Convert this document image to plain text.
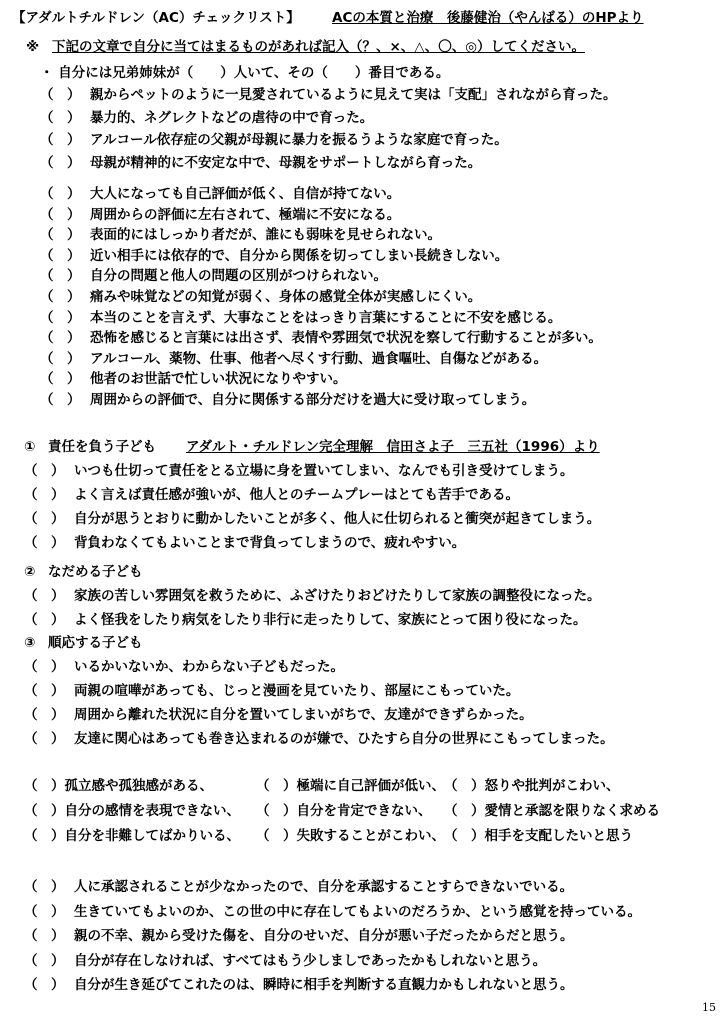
【アダルトチルドレン（AC）チェックリスト】 ACの本質と治療　後藤健治（やんばる）のHPより
※ 下記の文章で自分に当てはまるものがあれば記入（？、×、△、〇、◎）してください。
・ 自分には兄弟姉妹が（　　）人いて、その（　　）番目である。
（　） 親からペットのように一見愛されているように見えて実は「支配」されながら育った。
（　） 暴力的、ネグレクトなどの虐待の中で育った。
（　） アルコール依存症の父親が母親に暴力を振るうような家庭で育った。
（　） 母親が精神的に不安定な中で、母親をサポートしながら育った。
（　） 大人になっても自己評価が低く、自信が持てない。
（　） 周囲からの評価に左右されて、極端に不安になる。
（　） 表面的にはしっかり者だが、誰にも弱味を見せられない。
（　） 近い相手には依存的で、自分から関係を切ってしまい長続きしない。
（　） 自分の問題と他人の問題の区別がつけられない。
（　） 痛みや味覚などの知覚が弱く、身体の感覚全体が実感しにくい。
（　） 本当のことを言えず、大事なことをはっきり言葉にすることに不安を感じる。
（　） 恐怖を感じると言葉には出さず、表情や雰囲気で状況を察して行動することが多い。
（　） アルコール、薬物、仕事、他者へ尽くす行動、過食嘔吐、自傷などがある。
（　） 他者のお世話で忙しい状況になりやすい。
（　） 周囲からの評価で、自分に関係する部分だけを過大に受け取ってしまう。
① 責任を負う子ども アダルト・チルドレン完全理解　信田さよ子　三五社（1996）より
（　） いつも仕切って責任をとる立場に身を置いてしまい、なんでも引き受けてしまう。
（　） よく言えば責任感が強いが、他人とのチームプレーはとても苦手である。
（　） 自分が思うとおりに動かしたいことが多く、他人に仕切られると衝突が起きてしまう。
（　） 背負わなくてもよいことまで背負ってしまうので、疲れやすい。
② なだめる子ども
（　） 家族の苦しい雰囲気を救うために、ふざけたりおどけたりして家族の調整役になった。
（　） よく怪我をしたり病気をしたり非行に走ったりして、家族にとって困り役になった。
③ 順応する子ども
（　） いるかいないか、わからない子どもだった。
（　） 両親の喧嘩があっても、じっと漫画を見ていたり、部屋にこもっていた。
（　） 周囲から離れた状況に自分を置いてしまいがちで、友達ができずらかった。
（　） 友達に関心はあっても巻き込まれるのが嫌で、ひたすら自分の世界にこもってしまった。
（　）孤立感や孤独感がある、	（　）極端に自己評価が低い、（　）怒りや批判がこわい、
（　）自分の感情を表現できない、 （　）自分を肯定できない、 （　）愛情と承認を限りなく求める
（　）自分を非難してばかりいる、 （　）失敗することがこわい、（　）相手を支配したいと思う
（　） 人に承認されることが少なかったので、自分を承認することすらできないでいる。
（　） 生きていてもよいのか、この世の中に存在してもよいのだろうか、という感覚を持っている。
（　） 親の不幸、親から受けた傷を、自分のせいだ、自分が悪い子だったからだと思う。
（　） 自分が存在しなければ、すべてはもう少しましであったかもしれないと思う。
（　） 自分が生き延びてこれたのは、瞬時に相手を判断する直観力かもしれないと思う。
15
